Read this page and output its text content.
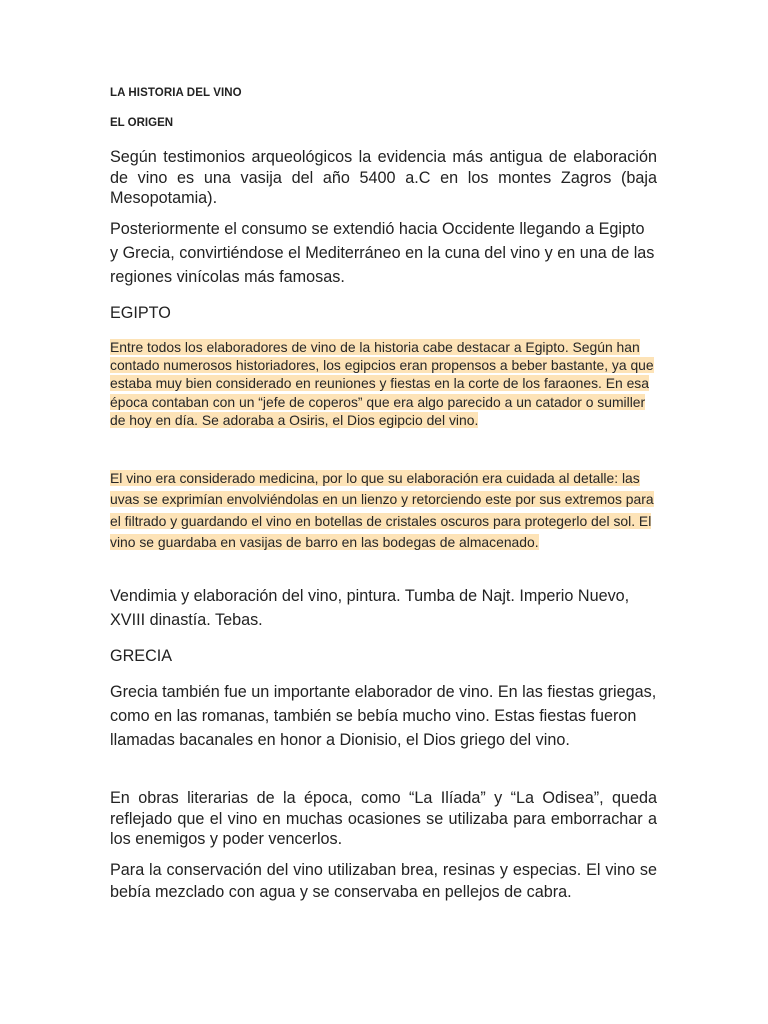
LA HISTORIA DEL VINO
EL ORIGEN

Según testimonios arqueológicos la evidencia más antigua de elaboración de vino es una vasija del año 5400 a.C en los montes Zagros (baja Mesopotamia).

Posteriormente el consumo se extendió hacia Occidente llegando a Egipto y Grecia, convirtiéndose el Mediterráneo en la cuna del vino y en una de las regiones vinícolas más famosas.

EGIPTO

Entre todos los elaboradores de vino de la historia cabe destacar a Egipto. Según han contado numerosos historiadores, los egipcios eran propensos a beber bastante, ya que estaba muy bien considerado en reuniones y fiestas en la corte de los faraones. En esa época contaban con un “jefe de coperos” que era algo parecido a un catador o sumiller de hoy en día. Se adoraba a Osiris, el Dios egipcio del vino.

El vino era considerado medicina, por lo que su elaboración era cuidada al detalle: las uvas se exprimían envolviéndolas en un lienzo y retorciendo este por sus extremos para el filtrado y guardando el vino en botellas de cristales oscuros para protegerlo del sol. El vino se guardaba en vasijas de barro en las bodegas de almacenado.

Vendimia y elaboración del vino, pintura. Tumba de Najt. Imperio Nuevo, XVIII dinastía. Tebas.

GRECIA

Grecia también fue un importante elaborador de vino. En las fiestas griegas, como en las romanas, también se bebía mucho vino. Estas fiestas fueron llamadas bacanales en honor a Dionisio, el Dios griego del vino.

En obras literarias de la época, como “La Ilíada” y “La Odisea”, queda reflejado que el vino en muchas ocasiones se utilizaba para emborrachar a los enemigos y poder vencerlos.

Para la conservación del vino utilizaban brea, resinas y especias. El vino se bebía mezclado con agua y se conservaba en pellejos de cabra.
